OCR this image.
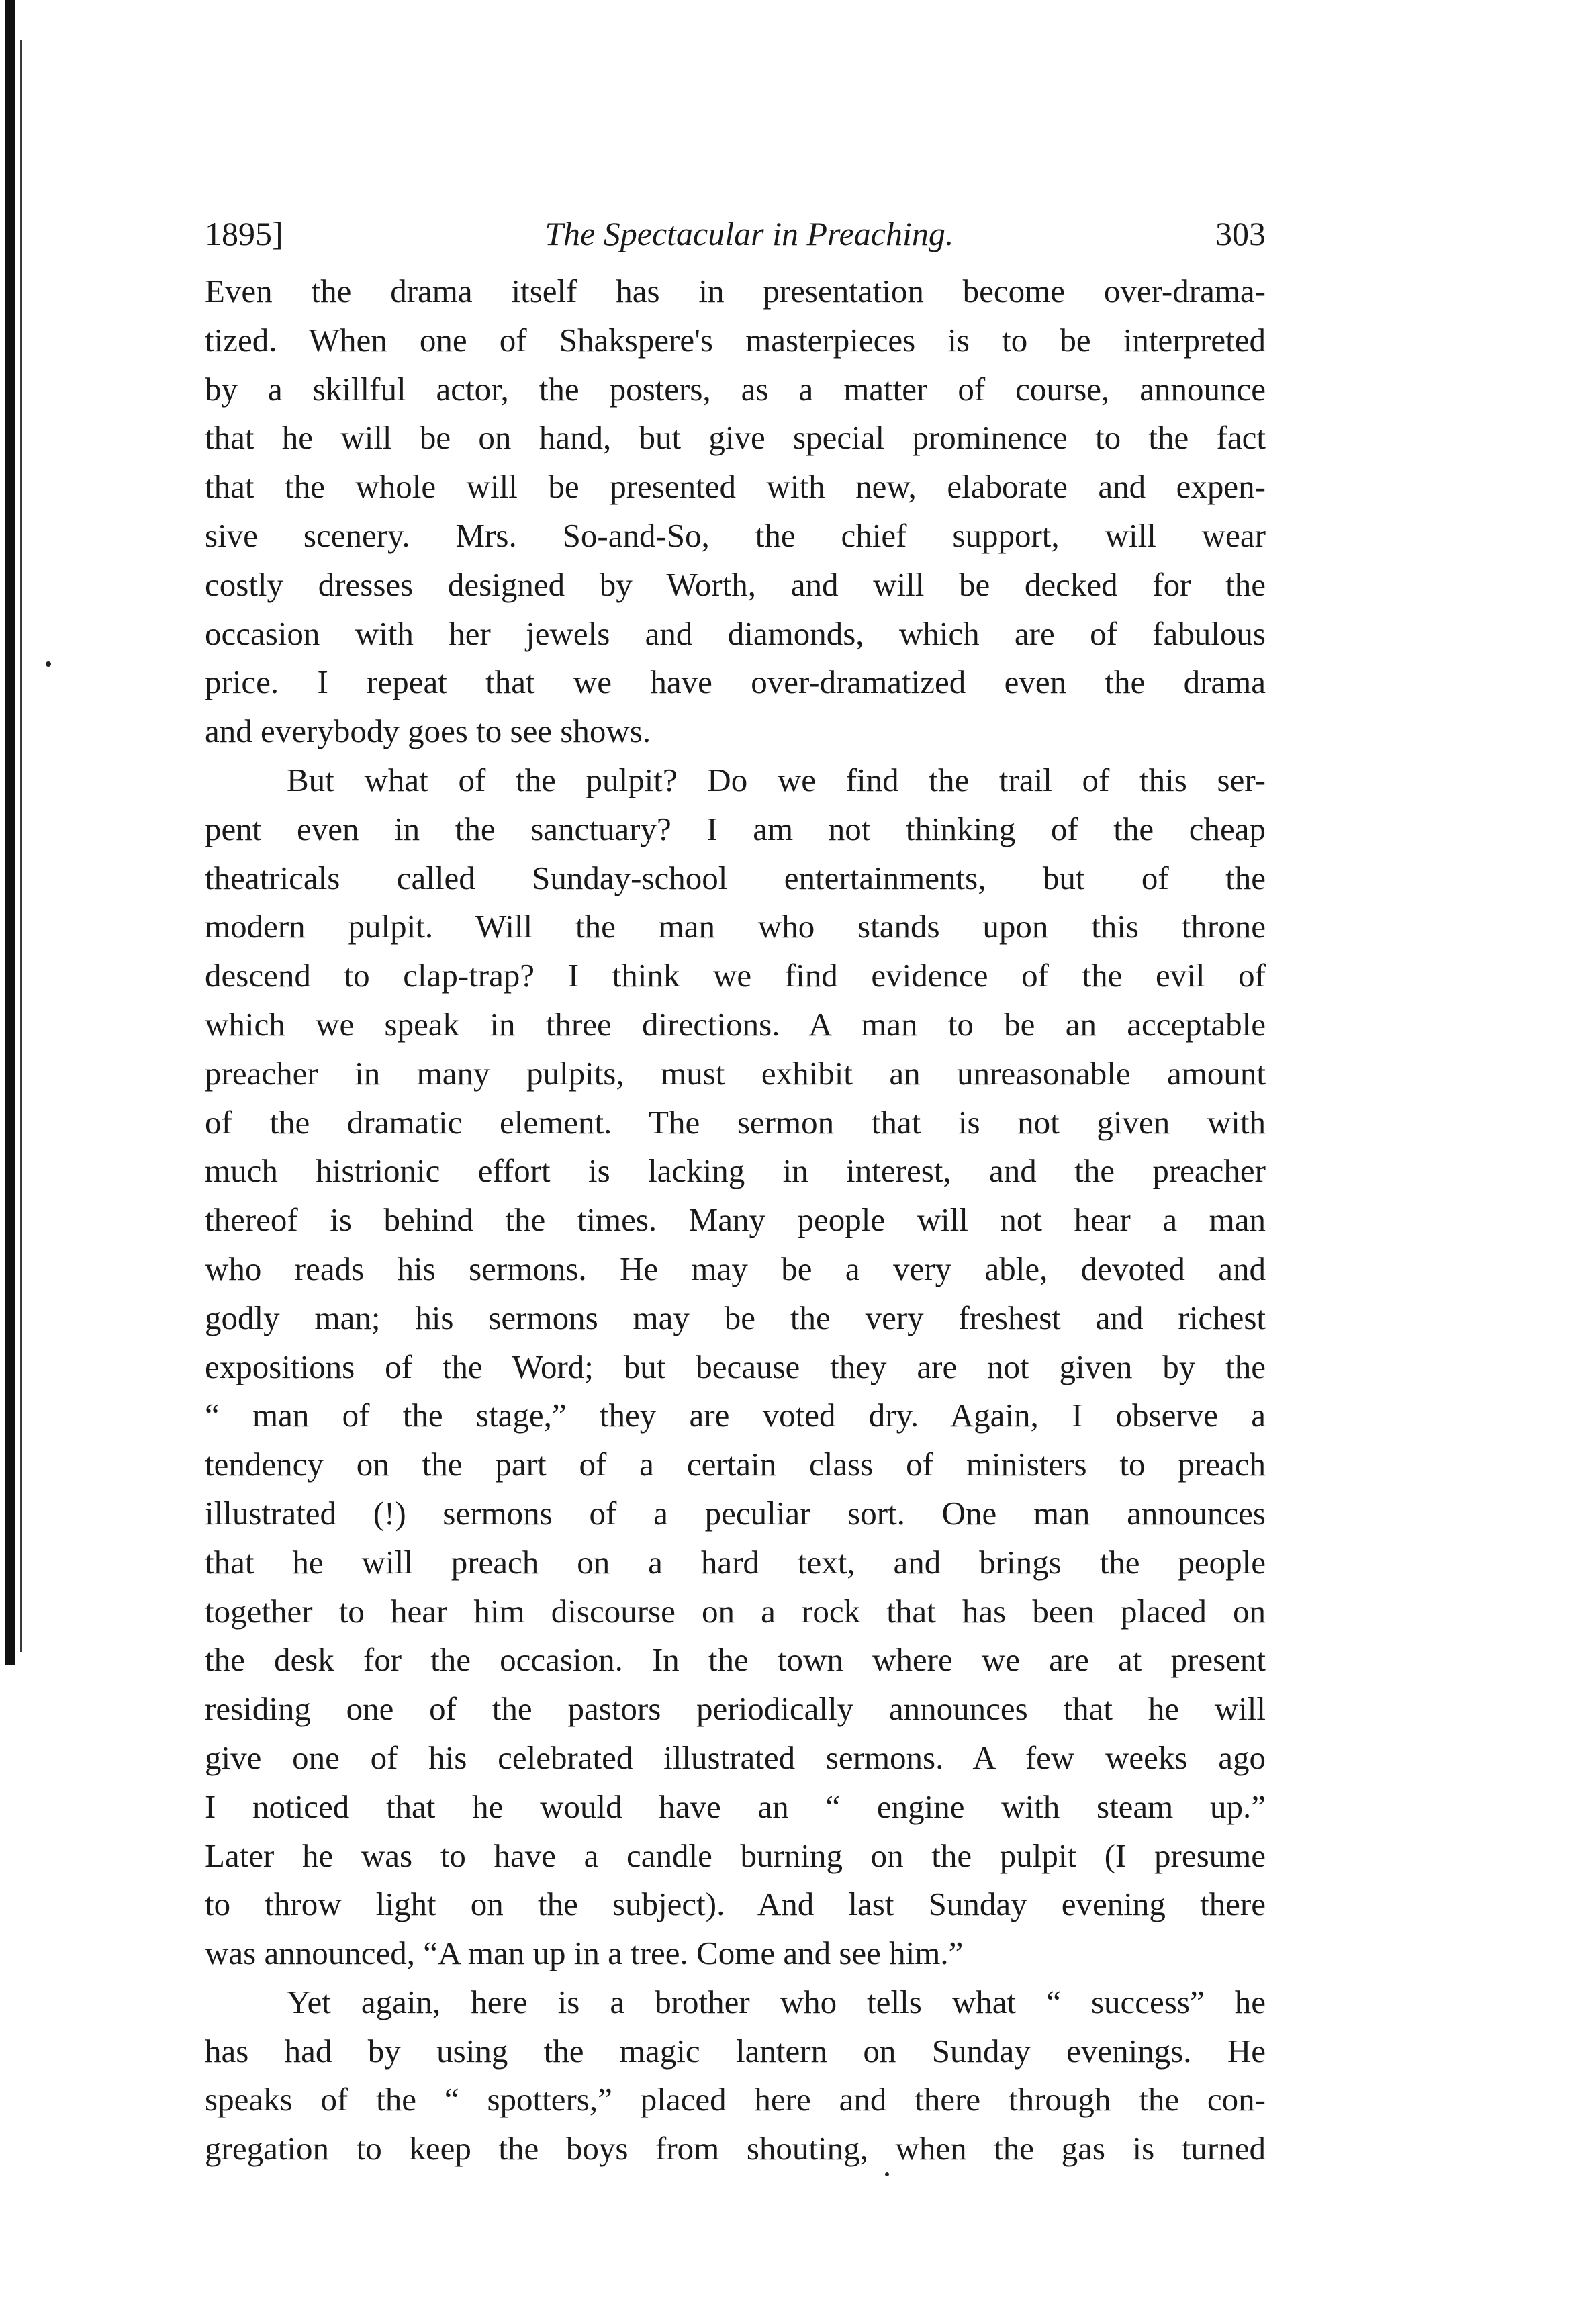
1895]	The Spectacular in Preaching.	303

Even the drama itself has in presentation become over-drama-
tized. When one of Shakspere's masterpieces is to be interpreted
by a skillful actor, the posters, as a matter of course, announce
that he will be on hand, but give special prominence to the fact
that the whole will be presented with new, elaborate and expen-
sive scenery. Mrs. So-and-So, the chief support, will wear
costly dresses designed by Worth, and will be decked for the
occasion with her jewels and diamonds, which are of fabulous
price. I repeat that we have over-dramatized even the drama
and everybody goes to see shows.

But what of the pulpit? Do we find the trail of this ser-
pent even in the sanctuary? I am not thinking of the cheap
theatricals called Sunday-school entertainments, but of the
modern pulpit. Will the man who stands upon this throne
descend to clap-trap? I think we find evidence of the evil of
which we speak in three directions. A man to be an acceptable
preacher in many pulpits, must exhibit an unreasonable amount
of the dramatic element. The sermon that is not given with
much histrionic effort is lacking in interest, and the preacher
thereof is behind the times. Many people will not hear a man
who reads his sermons. He may be a very able, devoted and
godly man; his sermons may be the very freshest and richest
expositions of the Word; but because they are not given by the
“ man of the stage,” they are voted dry. Again, I observe a
tendency on the part of a certain class of ministers to preach
illustrated (!) sermons of a peculiar sort. One man announces
that he will preach on a hard text, and brings the people
together to hear him discourse on a rock that has been placed on
the desk for the occasion. In the town where we are at present
residing one of the pastors periodically announces that he will
give one of his celebrated illustrated sermons. A few weeks ago
I noticed that he would have an “ engine with steam up.”
Later he was to have a candle burning on the pulpit (I presume
to throw light on the subject). And last Sunday evening there
was announced, “A man up in a tree. Come and see him.”

Yet again, here is a brother who tells what “ success” he
has had by using the magic lantern on Sunday evenings. He
speaks of the “ spotters,” placed here and there through the con-
gregation to keep the boys from shouting, when the gas is turned
